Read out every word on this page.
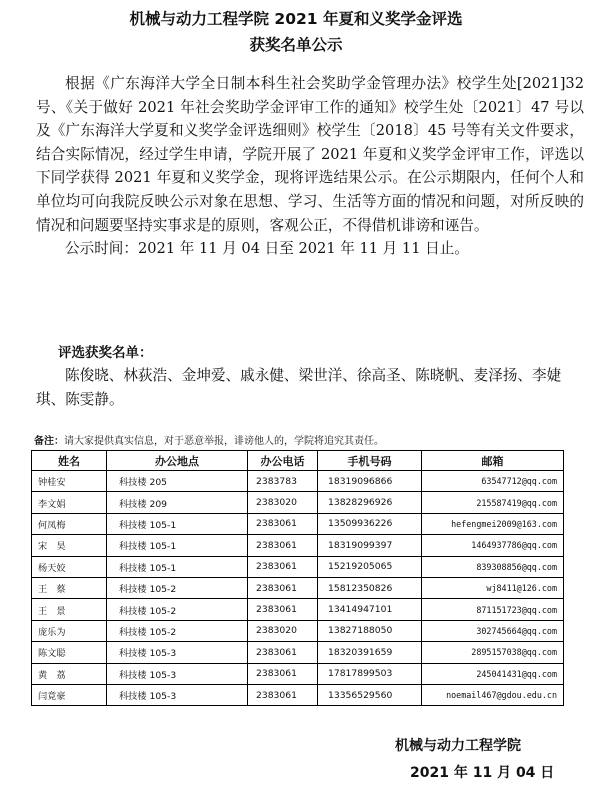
机械与动力工程学院 2021 年夏和义奖学金评选
获奖名单公示

根据《广东海洋大学全日制本科生社会奖助学金管理办法》校学生处[2021]32 号、《关于做好 2021 年社会奖助学金评审工作的通知》校学生处〔2021〕47 号以及《广东海洋大学夏和义奖学金评选细则》校学生〔2018〕45 号等有关文件要求，结合实际情况，经过学生申请，学院开展了 2021 年夏和义奖学金评审工作，评选以下同学获得 2021 年夏和义奖学金，现将评选结果公示。在公示期限内，任何个人和单位均可向我院反映公示对象在思想、学习、生活等方面的情况和问题，对所反映的情况和问题要坚持实事求是的原则，客观公正，不得借机诽谤和诬告。

公示时间：2021 年 11 月 04 日至 2021 年 11 月 11 日止。

评选获奖名单：

陈俊晓、林荻浩、金坤爱、戚永健、梁世洋、徐高圣、陈晓帆、麦泽扬、李婕琪、陈雯静。

备注：请大家提供真实信息，对于恶意举报，诽谤他人的，学院将追究其责任。
姓名	办公地点	办公电话	手机号码	邮箱
钟桂安	科技楼 205	2383783	18319096866	63547712@qq.com
李文娟	科技楼 209	2383020	13828296926	215587419@qq.com
何凤梅	科技楼 105-1	2383061	13509936226	hefengmei2009@163.com
宋　昊	科技楼 105-1	2383061	18319099397	1464937786@qq.com
杨天姣	科技楼 105-1	2383061	15219205065	839308856@qq.com
王　蔡	科技楼 105-2	2383061	15812350826	wj8411@126.com
王　景	科技楼 105-2	2383061	13414947101	871151723@qq.com
庞乐为	科技楼 105-2	2383020	13827188050	302745664@qq.com
陈文聪	科技楼 105-3	2383061	18320391659	2895157038@qq.com
黄　荔	科技楼 105-3	2383061	17817899503	245041431@qq.com
闫竟豪	科技楼 105-3	2383061	13356529560	noemail467@gdou.edu.cn
机械与动力工程学院
2021 年 11 月 04 日
